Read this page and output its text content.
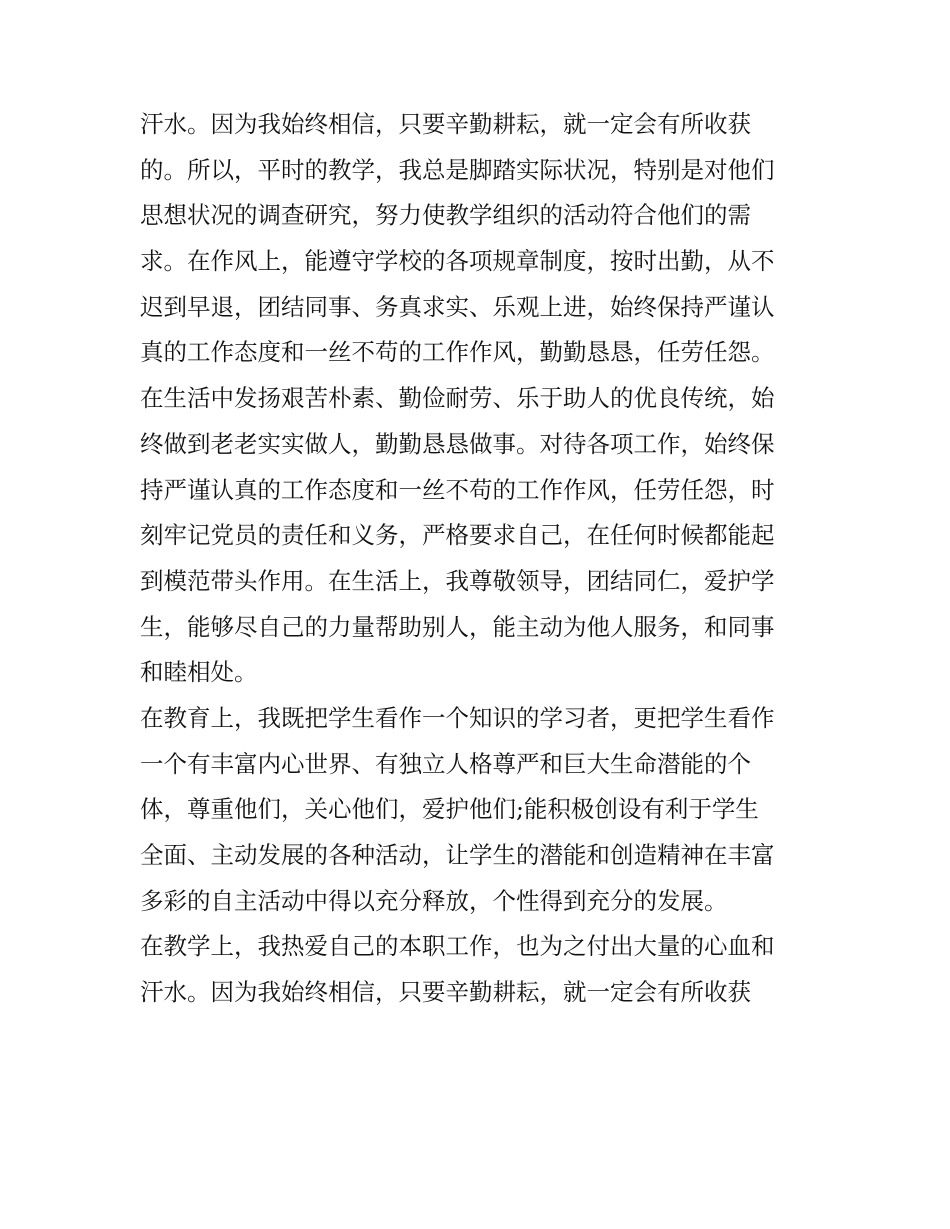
汗水。因为我始终相信，只要辛勤耕耘，就一定会有所收获
的。所以，平时的教学，我总是脚踏实际状况，特别是对他们
思想状况的调查研究，努力使教学组织的活动符合他们的需
求。在作风上，能遵守学校的各项规章制度，按时出勤，从不
迟到早退，团结同事、务真求实、乐观上进，始终保持严谨认
真的工作态度和一丝不苟的工作作风，勤勤恳恳，任劳任怨。
在生活中发扬艰苦朴素、勤俭耐劳、乐于助人的优良传统，始
终做到老老实实做人，勤勤恳恳做事。对待各项工作，始终保
持严谨认真的工作态度和一丝不苟的工作作风，任劳任怨，时
刻牢记党员的责任和义务，严格要求自己，在任何时候都能起
到模范带头作用。在生活上，我尊敬领导，团结同仁，爱护学
生，能够尽自己的力量帮助别人，能主动为他人服务，和同事
和睦相处。
在教育上，我既把学生看作一个知识的学习者，更把学生看作
一个有丰富内心世界、有独立人格尊严和巨大生命潜能的个
体，尊重他们，关心他们，爱护他们;能积极创设有利于学生
全面、主动发展的各种活动，让学生的潜能和创造精神在丰富
多彩的自主活动中得以充分释放，个性得到充分的发展。
在教学上，我热爱自己的本职工作，也为之付出大量的心血和
汗水。因为我始终相信，只要辛勤耕耘，就一定会有所收获
